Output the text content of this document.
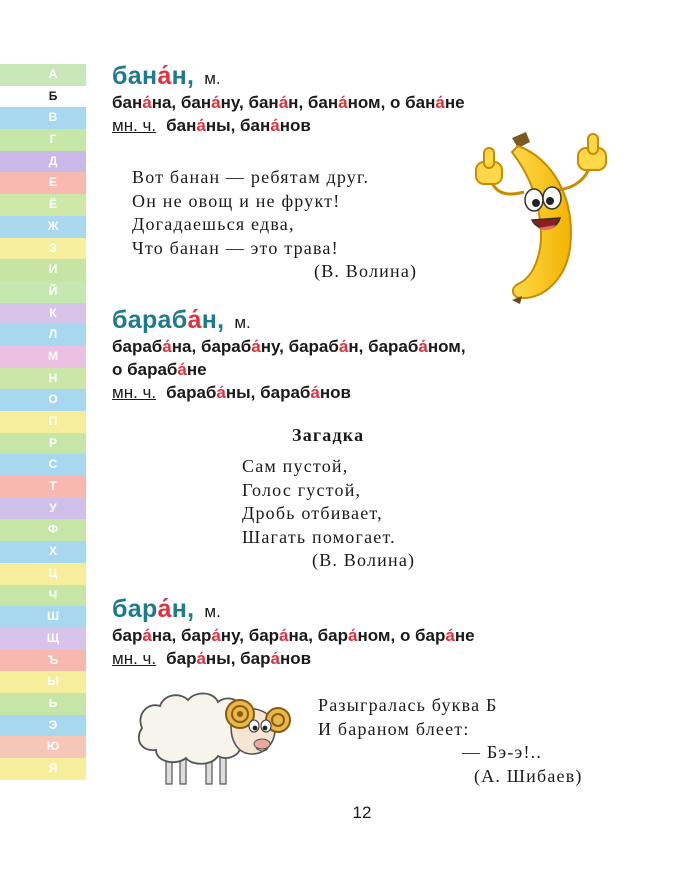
А
Б
В
Г
Д
Е
Ё
Ж
З
И
Й
К
Л
М
Н
О
П
Р
С
Т
У
Ф
Х
Ц
Ч
Ш
Щ
Ъ
Ы
Ь
Э
Ю
Я
бана́н, м.
бана́на, бана́ну, бана́н, бана́ном, о бана́не
мн. ч. бана́ны, бана́нов
Вот банан — ребятам друг.
Он не овощ и не фрукт!
Догадаешься едва,
Что банан — это трава!
(В. Волина)
бараба́н, м.
бараба́на, бараба́ну, бараба́н, бараба́ном,
о бараба́не
мн. ч. бараба́ны, бараба́нов
Загадка
Сам пустой,
Голос густой,
Дробь отбивает,
Шагать помогает.
(В. Волина)
бара́н, м.
бара́на, бара́ну, бара́на, бара́ном, о бара́не
мн. ч. бара́ны, бара́нов
Разыгралась буква Б
И бараном блеет:
— Бэ-э!..
(А. Шибаев)
12
